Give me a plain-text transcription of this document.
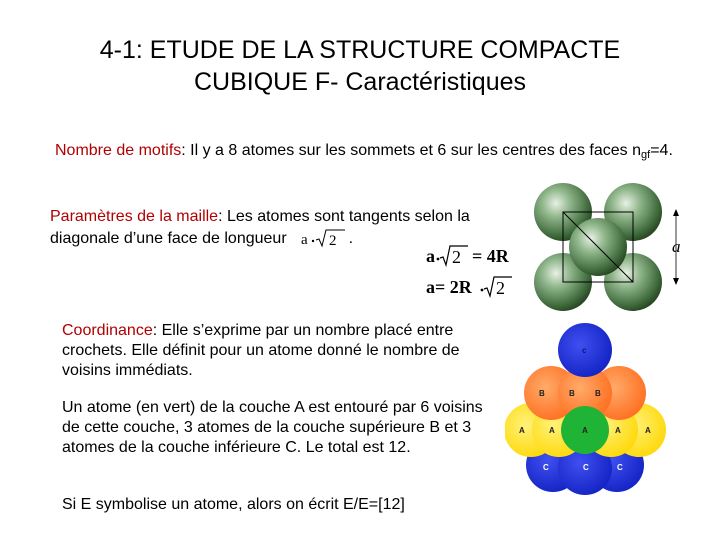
4-1: ETUDE DE LA STRUCTURE COMPACTE
CUBIQUE F- Caractéristiques
Nombre de motifs: Il y a 8 atomes sur les sommets et 6 sur les centres des faces $n_{gf}=4$.
Paramètres de la maille: Les atomes sont tangents selon la
diagonale d’une face de longueur a 2 .
a 2 = 4R
a= 2R 2
a
c
B	B	B
A	A	A	A	A
C	C	C
Coordinance: Elle s’exprime par un nombre placé entre crochets. Elle définit pour un atome donné le nombre de voisins immédiats.
Un atome (en vert) de la couche A est entouré par 6 voisins de cette couche, 3 atomes de la couche supérieure B et 3 atomes de la couche inférieure C. Le total est 12.
Si E symbolise un atome, alors on écrit E/E=[12]
